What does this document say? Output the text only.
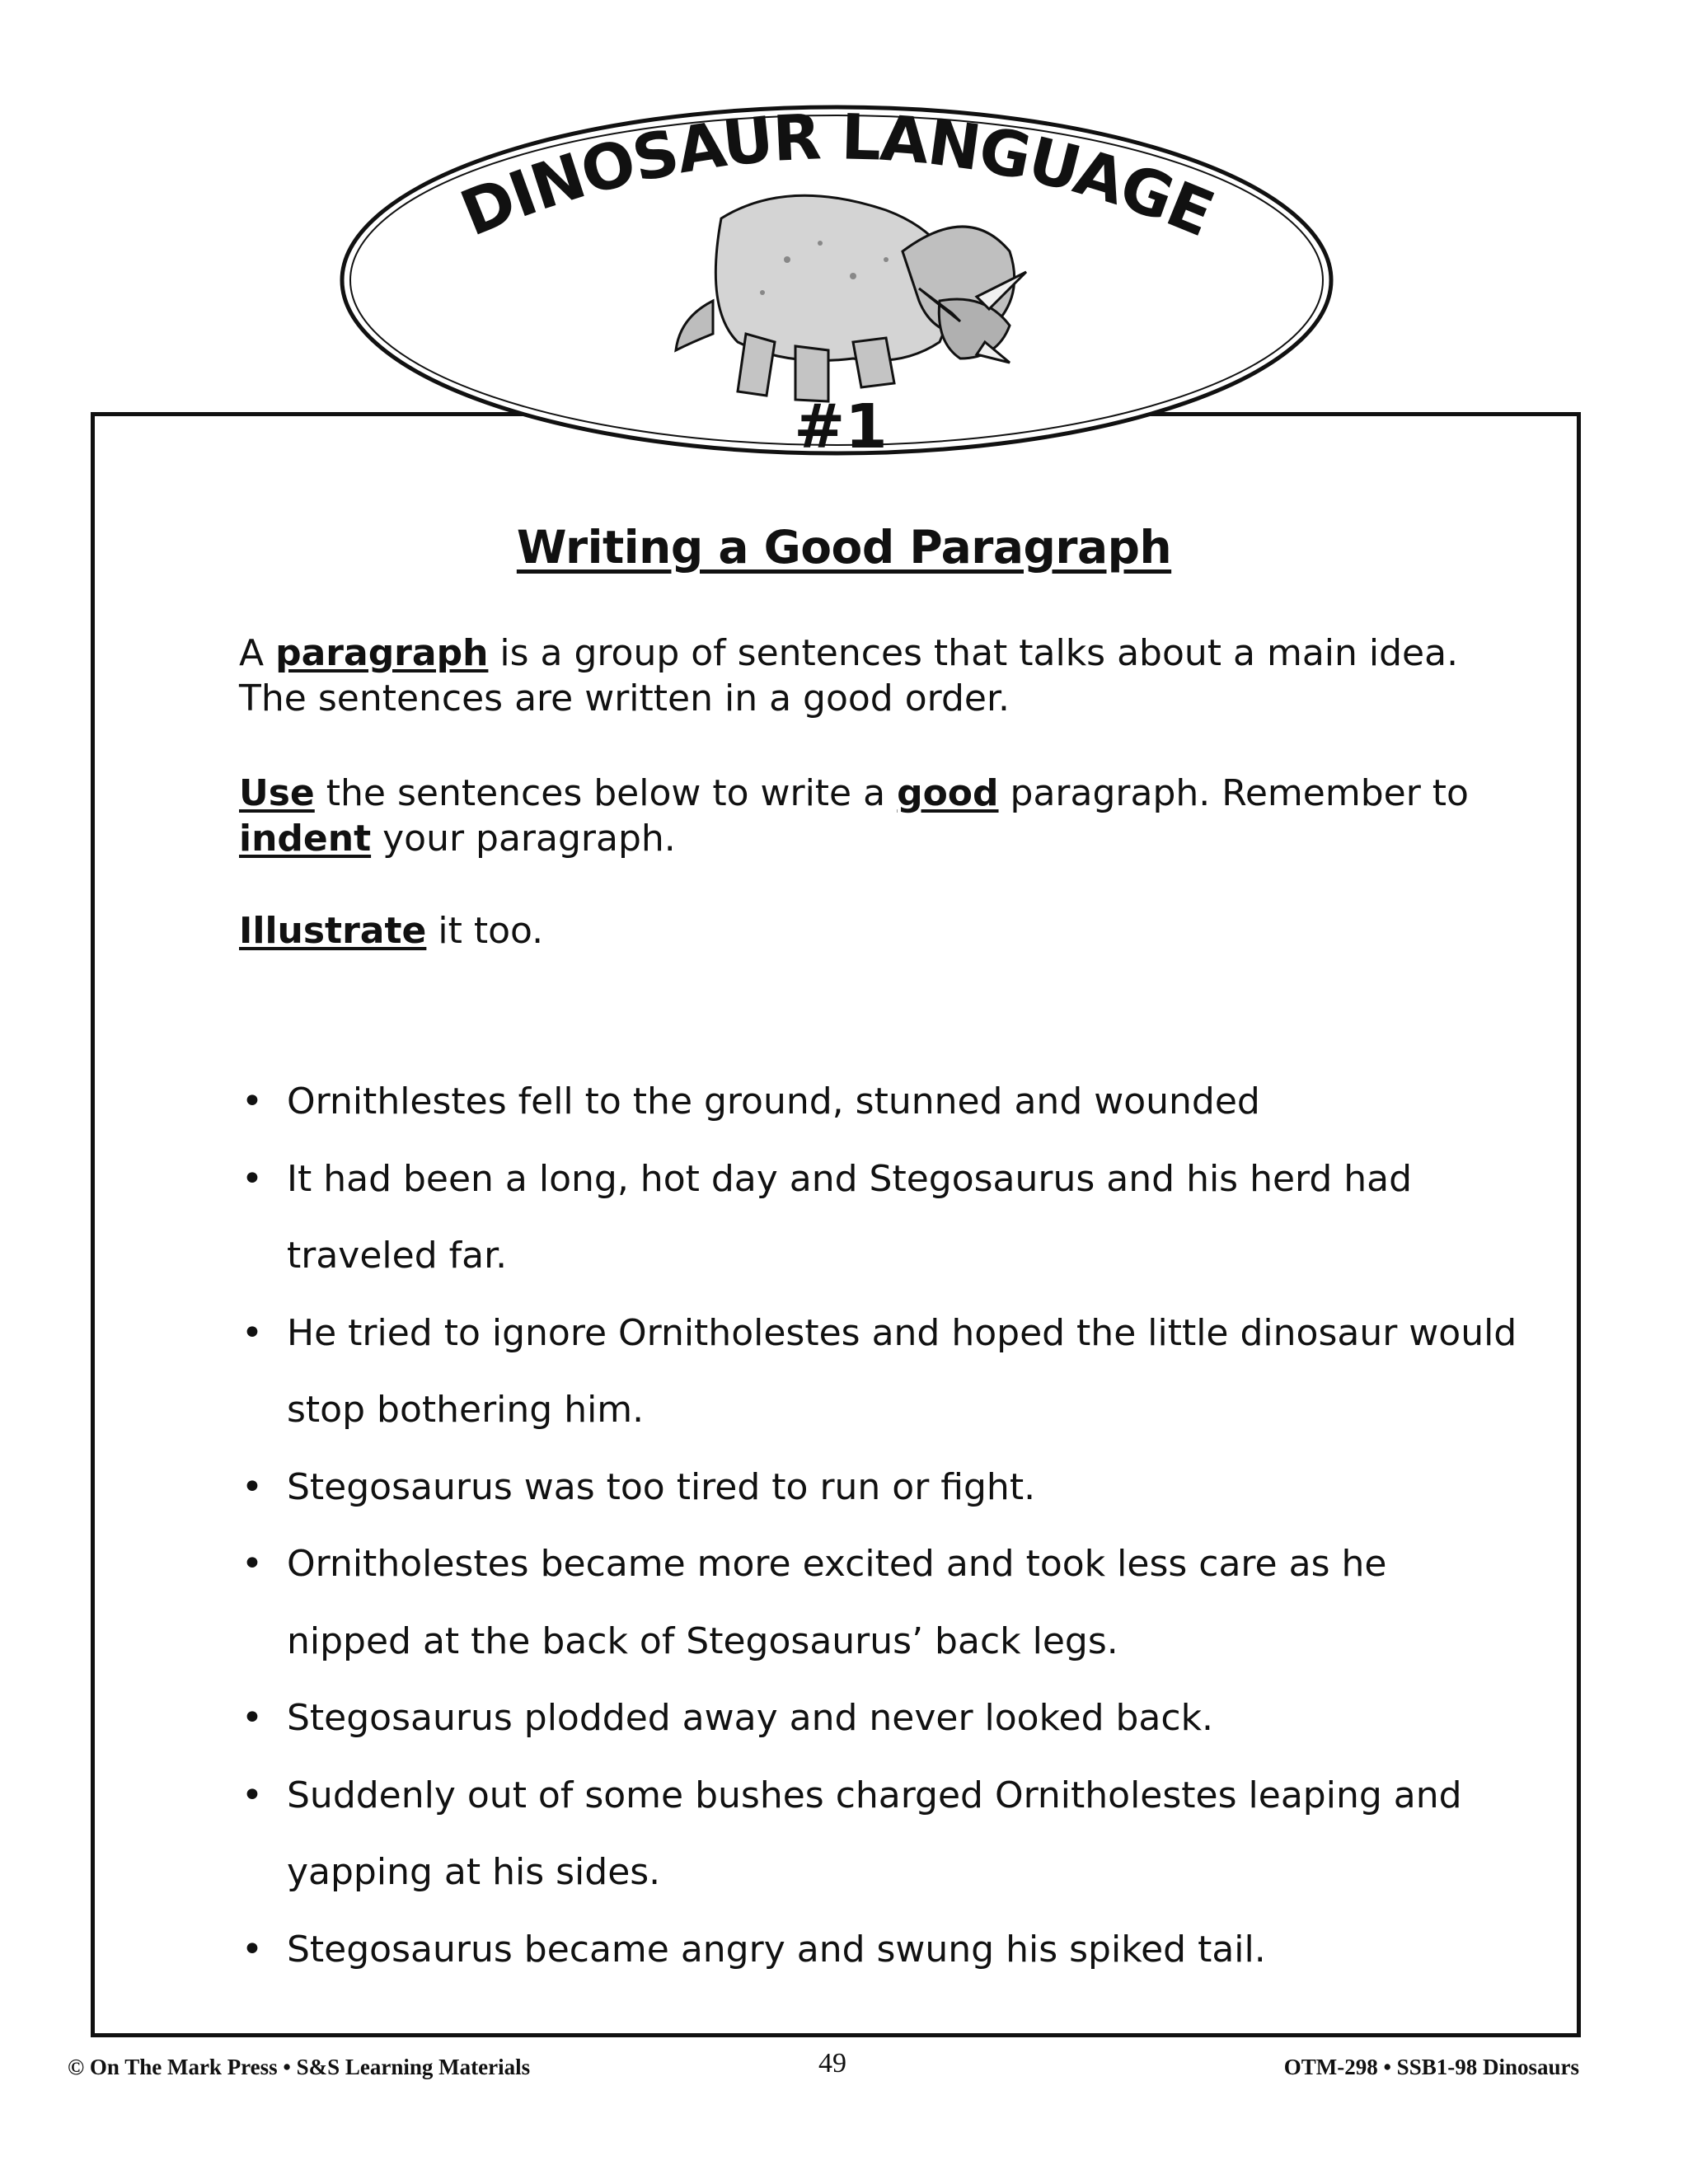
DINOSAUR LANGUAGE
#1
Writing a Good Paragraph
A paragraph is a group of sentences that talks about a main idea. The sentences are written in a good order.
Use the sentences below to write a good paragraph. Remember to indent your paragraph.
Illustrate it too.
• Ornithlestes fell to the ground, stunned and wounded
• It had been a long, hot day and Stegosaurus and his herd had traveled far.
• He tried to ignore Ornitholestes and hoped the little dinosaur would stop bothering him.
• Stegosaurus was too tired to run or fight.
• Ornitholestes became more excited and took less care as he nipped at the back of Stegosaurus’ back legs.
• Stegosaurus plodded away and never looked back.
• Suddenly out of some bushes charged Ornitholestes leaping and yapping at his sides.
• Stegosaurus became angry and swung his spiked tail.
© On The Mark Press • S&S Learning Materials	49	OTM-298 • SSB1-98 Dinosaurs
